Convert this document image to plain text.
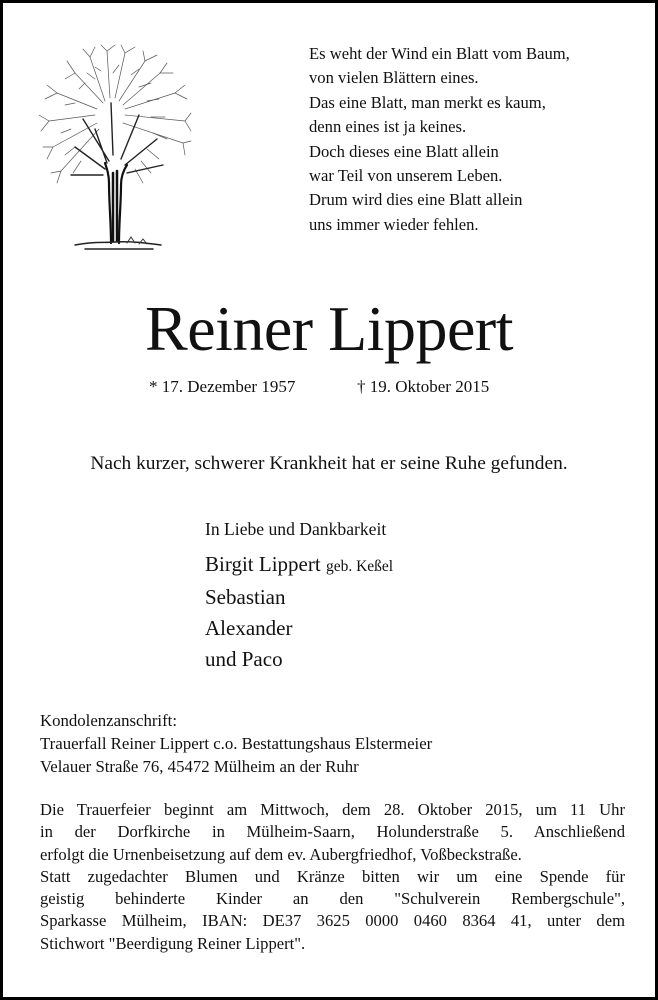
Es weht der Wind ein Blatt vom Baum,
von vielen Blättern eines.
Das eine Blatt, man merkt es kaum,
denn eines ist ja keines.
Doch dieses eine Blatt allein
war Teil von unserem Leben.
Drum wird dies eine Blatt allein
uns immer wieder fehlen.
Reiner Lippert
* 17. Dezember 1957	† 19. Oktober 2015
Nach kurzer, schwerer Krankheit hat er seine Ruhe gefunden.
In Liebe und Dankbarkeit
Birgit Lippert geb. Keßel
Sebastian
Alexander
und Paco
Kondolenzanschrift:
Trauerfall Reiner Lippert c.o. Bestattungshaus Elstermeier
Velauer Straße 76, 45472 Mülheim an der Ruhr
Die Trauerfeier beginnt am Mittwoch, dem 28. Oktober 2015, um 11 Uhr
in der Dorfkirche in Mülheim-Saarn, Holunderstraße 5. Anschließend
erfolgt die Urnenbeisetzung auf dem ev. Aubergfriedhof, Voßbeckstraße.
Statt zugedachter Blumen und Kränze bitten wir um eine Spende für
geistig behinderte Kinder an den "Schulverein Rembergschule",
Sparkasse Mülheim, IBAN: DE37 3625 0000 0460 8364 41, unter dem
Stichwort "Beerdigung Reiner Lippert".
